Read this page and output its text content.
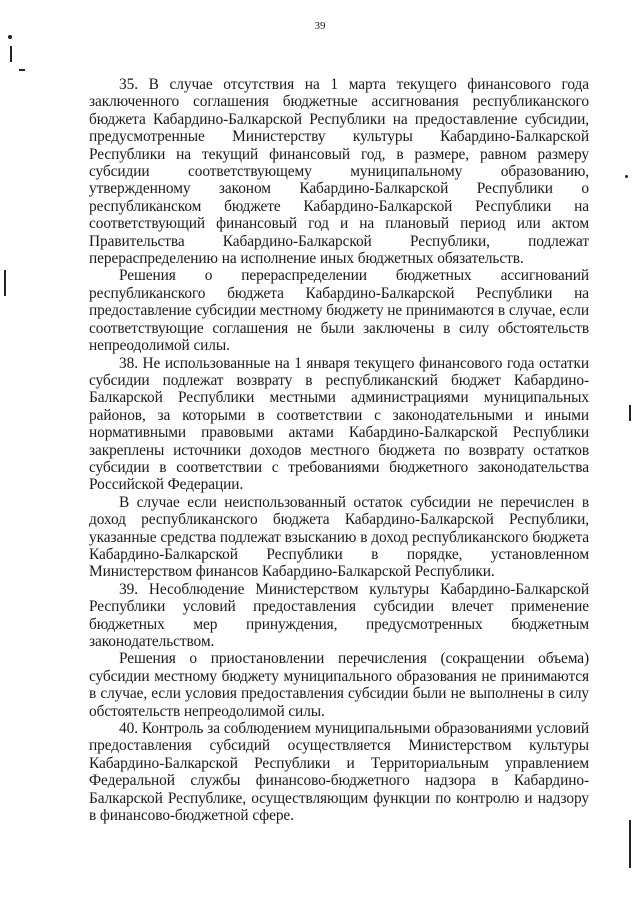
39

35. В случае отсутствия на 1 марта текущего финансового года заключенного соглашения бюджетные ассигнования республиканского бюджета Кабардино-Балкарской Республики на предоставление субсидии, предусмотренные Министерству культуры Кабардино-Балкарской Республики на текущий финансовый год, в размере, равном размеру субсидии соответствующему муниципальному образованию, утвержденному законом Кабардино-Балкарской Республики о республиканском бюджете Кабардино-Балкарской Республики на соответствующий финансовый год и на плановый период или актом Правительства Кабардино-Балкарской Республики, подлежат перераспределению на исполнение иных бюджетных обязательств.

Решения о перераспределении бюджетных ассигнований республиканского бюджета Кабардино-Балкарской Республики на предоставление субсидии местному бюджету не принимаются в случае, если соответствующие соглашения не были заключены в силу обстоятельств непреодолимой силы.

38. Не использованные на 1 января текущего финансового года остатки субсидии подлежат возврату в республиканский бюджет Кабардино-Балкарской Республики местными администрациями муниципальных районов, за которыми в соответствии с законодательными и иными нормативными правовыми актами Кабардино-Балкарской Республики закреплены источники доходов местного бюджета по возврату остатков субсидии в соответствии с требованиями бюджетного законодательства Российской Федерации.

В случае если неиспользованный остаток субсидии не перечислен в доход республиканского бюджета Кабардино-Балкарской Республики, указанные средства подлежат взысканию в доход республиканского бюджета Кабардино-Балкарской Республики в порядке, установленном Министерством финансов Кабардино-Балкарской Республики.

39. Несоблюдение Министерством культуры Кабардино-Балкарской Республики условий предоставления субсидии влечет применение бюджетных мер принуждения, предусмотренных бюджетным законодательством.

Решения о приостановлении перечисления (сокращении объема) субсидии местному бюджету муниципального образования не принимаются в случае, если условия предоставления субсидии были не выполнены в силу обстоятельств непреодолимой силы.

40. Контроль за соблюдением муниципальными образованиями условий предоставления субсидий осуществляется Министерством культуры Кабардино-Балкарской Республики и Территориальным управлением Федеральной службы финансово-бюджетного надзора в Кабардино-Балкарской Республике, осуществляющим функции по контролю и надзору в финансово-бюджетной сфере.
